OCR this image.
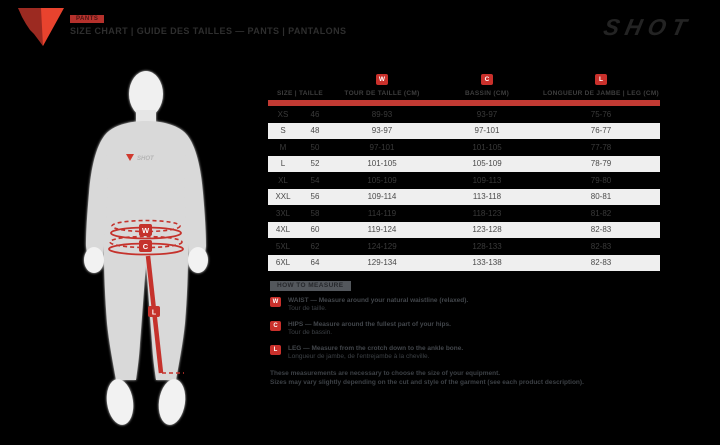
PANTS
SIZE CHART | GUIDE DES TAILLES — PANTS | PANTALONS	SHOT
SHOT
W
C
L
W	C	L
SIZE | TAILLE	TOUR DE TAILLE (CM)	BASSIN (CM)	LONGUEUR DE JAMBE | LEG (CM)
XS	46	89-93	93-97	75-76
S	48	93-97	97-101	76-77
M	50	97-101	101-105	77-78
L	52	101-105	105-109	78-79
XL	54	105-109	109-113	79-80
XXL	56	109-114	113-118	80-81
3XL	58	114-119	118-123	81-82
4XL	60	119-124	123-128	82-83
5XL	62	124-129	128-133	82-83
6XL	64	129-134	133-138	82-83
HOW TO MEASURE
W	WAIST — Measure around your natural waistline (relaxed).
Tour de taille.
C	HIPS — Measure around the fullest part of your hips.
Tour de bassin.
L	LEG — Measure from the crotch down to the ankle bone.
Longueur de jambe, de l'entrejambe à la cheville.
These measurements are necessary to choose the size of your equipment.
Sizes may vary slightly depending on the cut and style of the garment (see each product description).
